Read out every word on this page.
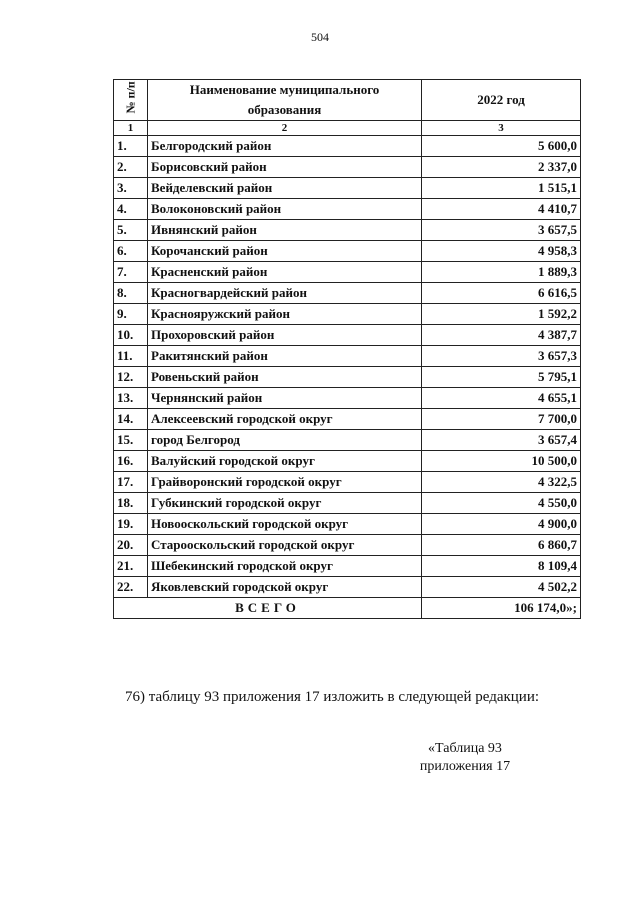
504
№ п/п	Наименование муниципального образования	2022 год
1	2	3
1.	Белгородский район	5 600,0
2.	Борисовский район	2 337,0
3.	Вейделевский район	1 515,1
4.	Волоконовский район	4 410,7
5.	Ивнянский район	3 657,5
6.	Корочанский район	4 958,3
7.	Красненский район	1 889,3
8.	Красногвардейский район	6 616,5
9.	Краснояружский район	1 592,2
10.	Прохоровский район	4 387,7
11.	Ракитянский район	3 657,3
12.	Ровеньский район	5 795,1
13.	Чернянский район	4 655,1
14.	Алексеевский городской округ	7 700,0
15.	город Белгород	3 657,4
16.	Валуйский городской округ	10 500,0
17.	Грайворонский городской округ	4 322,5
18.	Губкинский городской округ	4 550,0
19.	Новооскольский городской округ	4 900,0
20.	Старооскольский городской округ	6 860,7
21.	Шебекинский городской округ	8 109,4
22.	Яковлевский городской округ	4 502,2
ВСЕГО		106 174,0»;
76) таблицу 93 приложения 17 изложить в следующей редакции:
«Таблица 93
приложения 17
